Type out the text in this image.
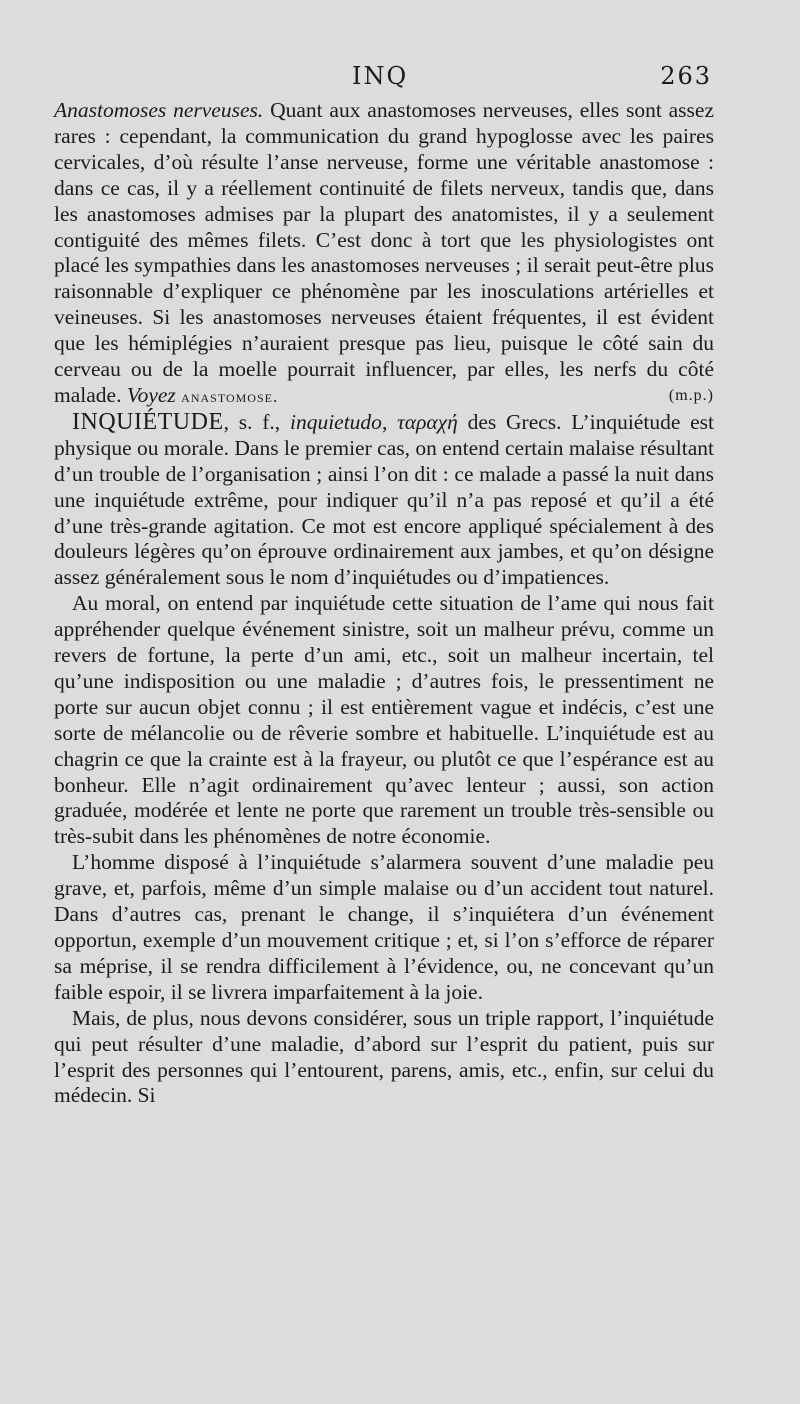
INQ	263

Anastomoses nerveuses. Quant aux anastomoses nerveuses, elles sont assez rares : cependant, la communication du grand hypoglosse avec les paires cervicales, d’où résulte l’anse nerveuse, forme une véritable anastomose : dans ce cas, il y a réellement continuité de filets nerveux, tandis que, dans les anastomoses admises par la plupart des anatomistes, il y a seulement contiguité des mêmes filets. C’est donc à tort que les physiologistes ont placé les sympathies dans les anastomoses nerveuses ; il serait peut-être plus raisonnable d’expliquer ce phénomène par les inosculations artérielles et veineuses. Si les anastomoses nerveuses étaient fréquentes, il est évident que les hémiplégies n’auraient presque pas lieu, puisque le côté sain du cerveau ou de la moelle pourrait influencer, par elles, les nerfs du côté malade. Voyez anastomose.	(m.p.)

INQUIÉTUDE, s. f., inquietudo, ταραχή des Grecs. L’inquiétude est physique ou morale. Dans le premier cas, on entend certain malaise résultant d’un trouble de l’organisation ; ainsi l’on dit : ce malade a passé la nuit dans une inquiétude extrême, pour indiquer qu’il n’a pas reposé et qu’il a été d’une très-grande agitation. Ce mot est encore appliqué spécialement à des douleurs légères qu’on éprouve ordinairement aux jambes, et qu’on désigne assez généralement sous le nom d’inquiétudes ou d’impatiences.

Au moral, on entend par inquiétude cette situation de l’ame qui nous fait appréhender quelque événement sinistre, soit un malheur prévu, comme un revers de fortune, la perte d’un ami, etc., soit un malheur incertain, tel qu’une indisposition ou une maladie ; d’autres fois, le pressentiment ne porte sur aucun objet connu ; il est entièrement vague et indécis, c’est une sorte de mélancolie ou de rêverie sombre et habituelle. L’inquiétude est au chagrin ce que la crainte est à la frayeur, ou plutôt ce que l’espérance est au bonheur. Elle n’agit ordinairement qu’avec lenteur ; aussi, son action graduée, modérée et lente ne porte que rarement un trouble très-sensible ou très-subit dans les phénomènes de notre économie.

L’homme disposé à l’inquiétude s’alarmera souvent d’une maladie peu grave, et, parfois, même d’un simple malaise ou d’un accident tout naturel. Dans d’autres cas, prenant le change, il s’inquiétera d’un événement opportun, exemple d’un mouvement critique ; et, si l’on s’efforce de réparer sa méprise, il se rendra difficilement à l’évidence, ou, ne concevant qu’un faible espoir, il se livrera imparfaitement à la joie.

Mais, de plus, nous devons considérer, sous un triple rapport, l’inquiétude qui peut résulter d’une maladie, d’abord sur l’esprit du patient, puis sur l’esprit des personnes qui l’entourent, parens, amis, etc., enfin, sur celui du médecin. Si
